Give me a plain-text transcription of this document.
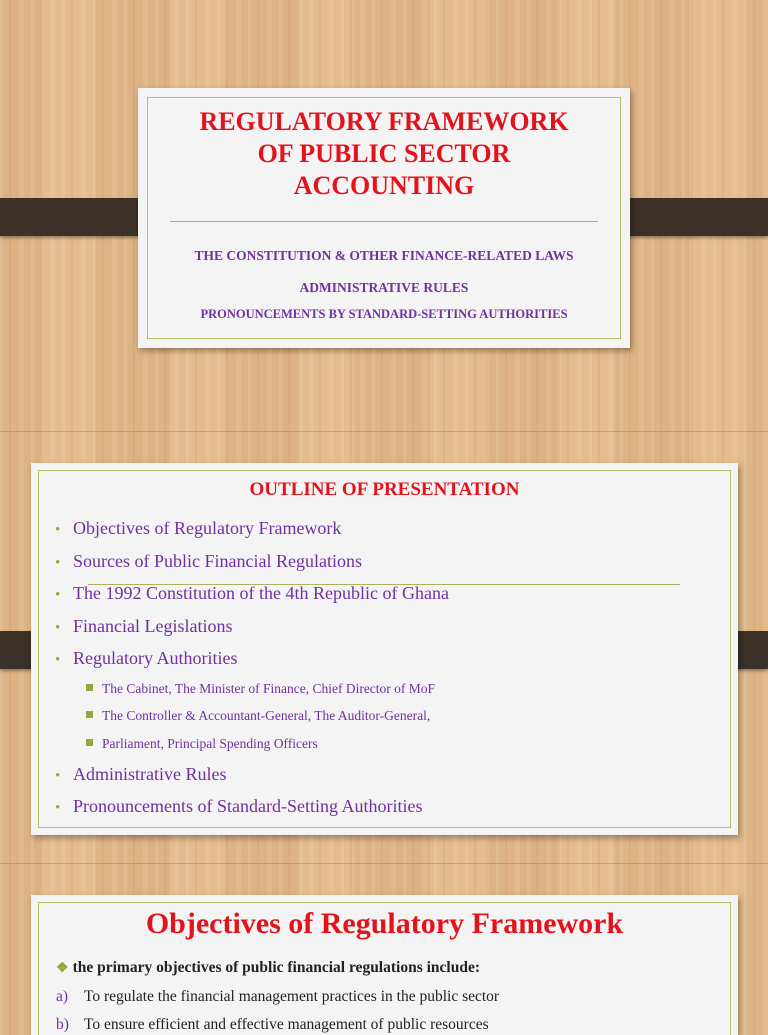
REGULATORY FRAMEWORK
OF PUBLIC SECTOR
ACCOUNTING

THE CONSTITUTION & OTHER FINANCE-RELATED LAWS

ADMINISTRATIVE RULES

PRONOUNCEMENTS BY STANDARD-SETTING AUTHORITIES

OUTLINE OF PRESENTATION
• Objectives of Regulatory Framework
• Sources of Public Financial Regulations
• The 1992 Constitution of the 4th Republic of Ghana
• Financial Legislations
• Regulatory Authorities
The Cabinet, The Minister of Finance, Chief Director of MoF
The Controller & Accountant-General, The Auditor-General,
Parliament, Principal Spending Officers
• Administrative Rules
• Pronouncements of Standard-Setting Authorities
Objectives of Regulatory Framework
❖ the primary objectives of public financial regulations include:
a) To regulate the financial management practices in the public sector
b) To ensure efficient and effective management of public resources
